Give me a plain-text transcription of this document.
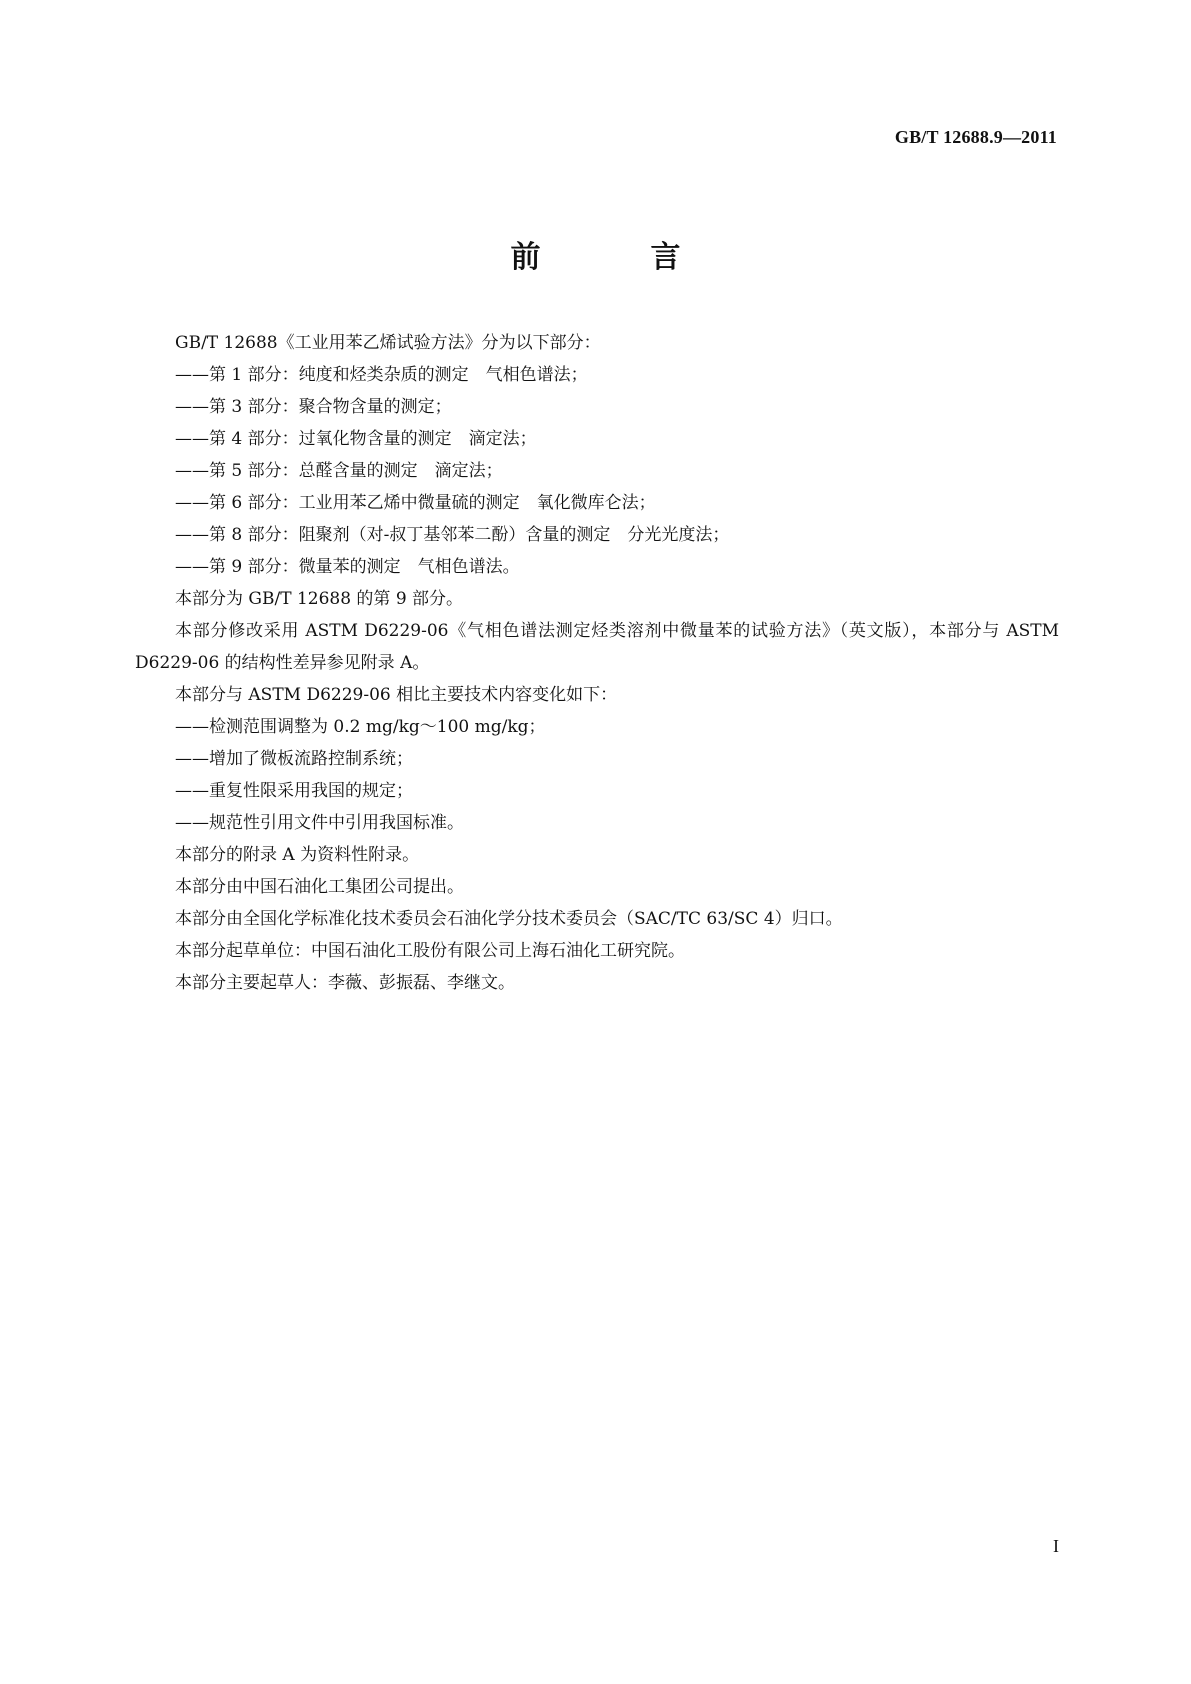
GB/T 12688.9—2011
前　言

GB/T 12688《工业用苯乙烯试验方法》分为以下部分：

——第 1 部分：纯度和烃类杂质的测定　气相色谱法；

——第 3 部分：聚合物含量的测定；

——第 4 部分：过氧化物含量的测定　滴定法；

——第 5 部分：总醛含量的测定　滴定法；

——第 6 部分：工业用苯乙烯中微量硫的测定　氧化微库仑法；

——第 8 部分：阻聚剂（对-叔丁基邻苯二酚）含量的测定　分光光度法；

——第 9 部分：微量苯的测定　气相色谱法。

本部分为 GB/T 12688 的第 9 部分。

本部分修改采用 ASTM D6229-06《气相色谱法测定烃类溶剂中微量苯的试验方法》（英文版），本部分与 ASTM D6229-06 的结构性差异参见附录 A。

本部分与 ASTM D6229-06 相比主要技术内容变化如下：

——检测范围调整为 0.2 mg/kg～100 mg/kg；

——增加了微板流路控制系统；

——重复性限采用我国的规定；

——规范性引用文件中引用我国标准。

本部分的附录 A 为资料性附录。

本部分由中国石油化工集团公司提出。

本部分由全国化学标准化技术委员会石油化学分技术委员会（SAC/TC 63/SC 4）归口。

本部分起草单位：中国石油化工股份有限公司上海石油化工研究院。

本部分主要起草人：李薇、彭振磊、李继文。

I
